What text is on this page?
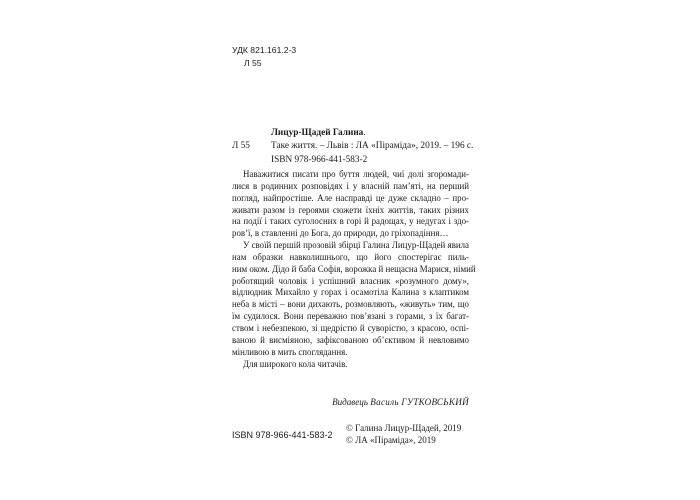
УДК 821.161.2-3
Л 55
Лицур-Щадей Галина.
Л 55 Таке життя. – Львів : ЛА «Піраміда», 2019. – 196 с.
ISBN 978-966-441-583-2
Наважитися писати про буття людей, чиї долі згоромади-
лися в родинних розповідях і у власній пам’яті, на перший
погляд, найпростіше. Але насправді це дуже складно – про-
живати разом із героями сюжети їхніх життів, таких різних
на події і таких суголосних в горі й радощах, у недугах і здо-
ров’ї, в ставленні до Бога, до природи, до гріхопадіння…
У своїй першій прозовій збірці Галина Лицур-Щадей явила
нам образки навколишнього, що його спостерігає пиль-
ним оком. Дідо й баба Софія, ворожка й нещасна Марися, німий
роботящий чоловік і успішний власник «розумного дому»,
відлюдник Михайло у горах і осамотіла Калина з клаптиком
неба в місті – вони дихають, розмовляють, «живуть» тим, що
їм судилося. Вони переважно пов’язані з горами, з їх багат-
ством і небезпекою, зі щедрістю й суворістю, з красою, оспі-
ваною й висміяною, зафіксованою об’єктивом й невловимо
мінливою в мить споглядання.
Для широкого кола читачів.
Видавець Василь ГУТКОВСЬКИЙ
ISBN 978-966-441-583-2
© Галина Лицур-Щадей, 2019
© ЛА «Піраміда», 2019
